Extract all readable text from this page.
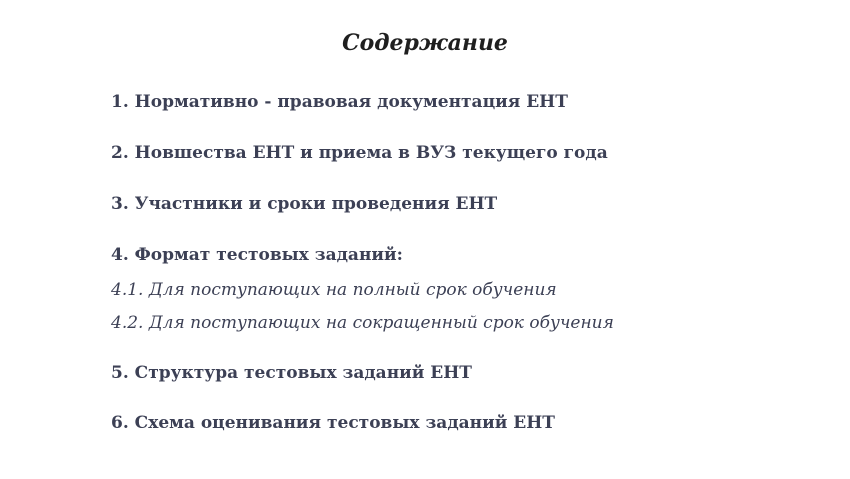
Содержание
1. Нормативно - правовая документация ЕНТ
2. Новшества ЕНТ и приема в ВУЗ текущего года
3. Участники и сроки проведения ЕНТ
4. Формат тестовых заданий:
4.1. Для поступающих на полный срок обучения
4.2. Для поступающих на сокращенный срок обучения
5. Структура тестовых заданий ЕНТ
6. Схема оценивания тестовых заданий ЕНТ
